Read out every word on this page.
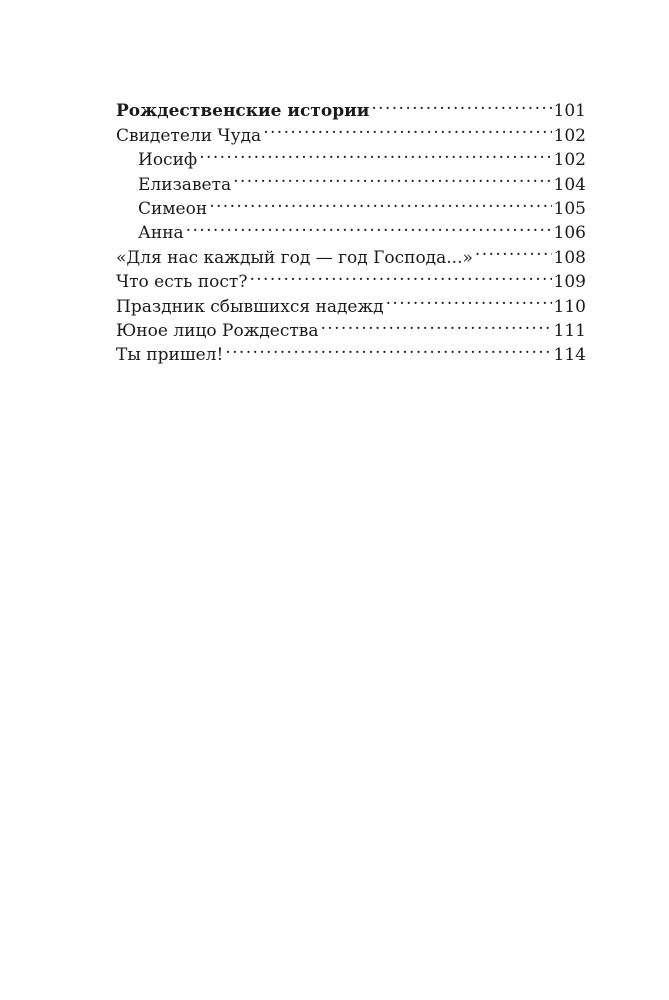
Рождественские истории .....	101
Свидетели Чуда .....	102
Иосиф .....	102
Елизавета .....	104
Симеон .....	105
Анна .....	106
«Для нас каждый год — год Господа...» .....	108
Что есть пост? .....	109
Праздник сбывшихся надежд .....	110
Юное лицо Рождества .....	111
Ты пришел! .....	114
